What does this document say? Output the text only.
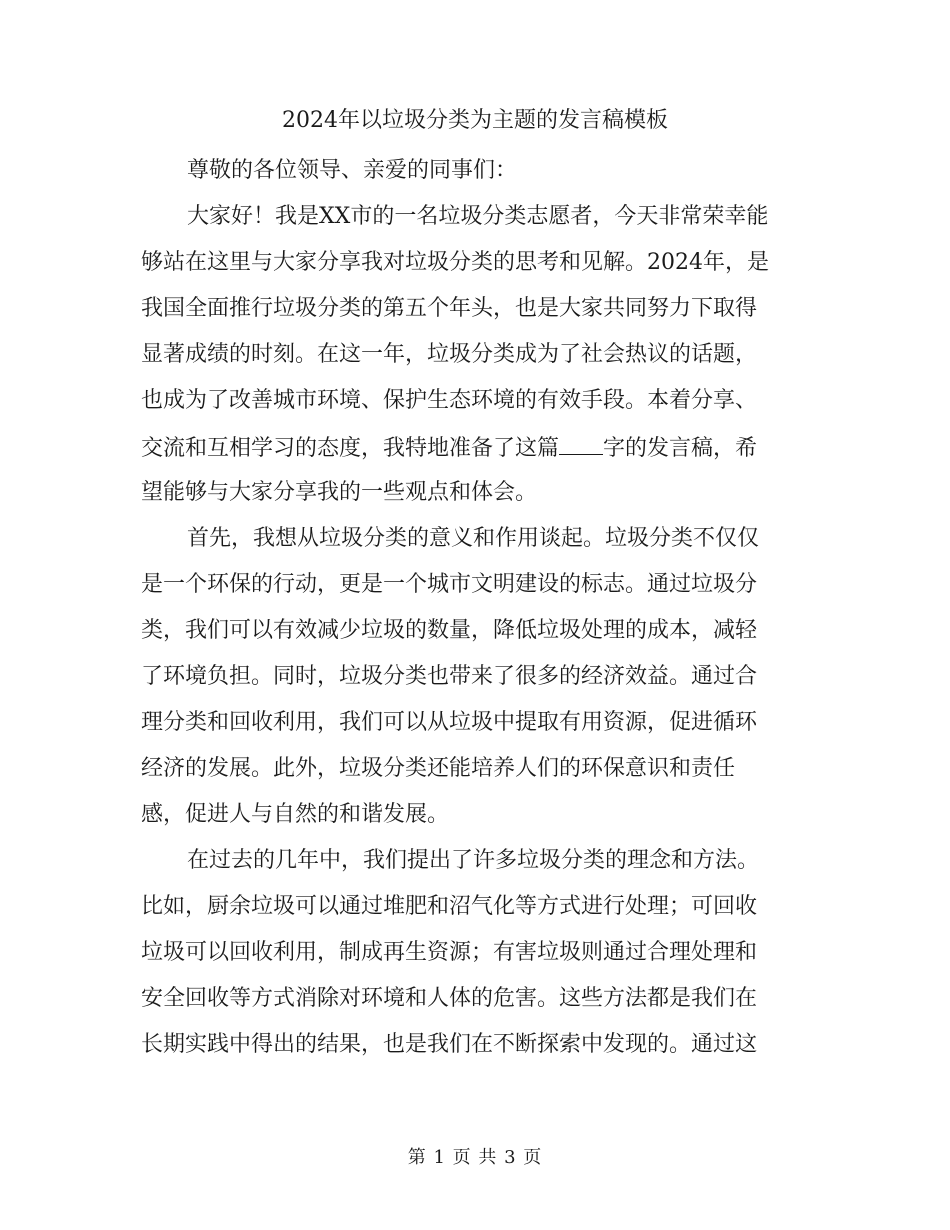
2024年以垃圾分类为主题的发言稿模板
尊敬的各位领导、亲爱的同事们：
大家好！我是XX市的一名垃圾分类志愿者，今天非常荣幸能
够站在这里与大家分享我对垃圾分类的思考和见解。2024年，是
我国全面推行垃圾分类的第五个年头，也是大家共同努力下取得
显著成绩的时刻。在这一年，垃圾分类成为了社会热议的话题，
也成为了改善城市环境、保护生态环境的有效手段。本着分享、
交流和互相学习的态度，我特地准备了这篇 字的发言稿，希
望能够与大家分享我的一些观点和体会。
首先，我想从垃圾分类的意义和作用谈起。垃圾分类不仅仅
是一个环保的行动，更是一个城市文明建设的标志。通过垃圾分
类，我们可以有效减少垃圾的数量，降低垃圾处理的成本，减轻
了环境负担。同时，垃圾分类也带来了很多的经济效益。通过合
理分类和回收利用，我们可以从垃圾中提取有用资源，促进循环
经济的发展。此外，垃圾分类还能培养人们的环保意识和责任
感，促进人与自然的和谐发展。
在过去的几年中，我们提出了许多垃圾分类的理念和方法。
比如，厨余垃圾可以通过堆肥和沼气化等方式进行处理；可回收
垃圾可以回收利用，制成再生资源；有害垃圾则通过合理处理和
安全回收等方式消除对环境和人体的危害。这些方法都是我们在
长期实践中得出的结果，也是我们在不断探索中发现的。通过这
第 1 页 共 3 页
